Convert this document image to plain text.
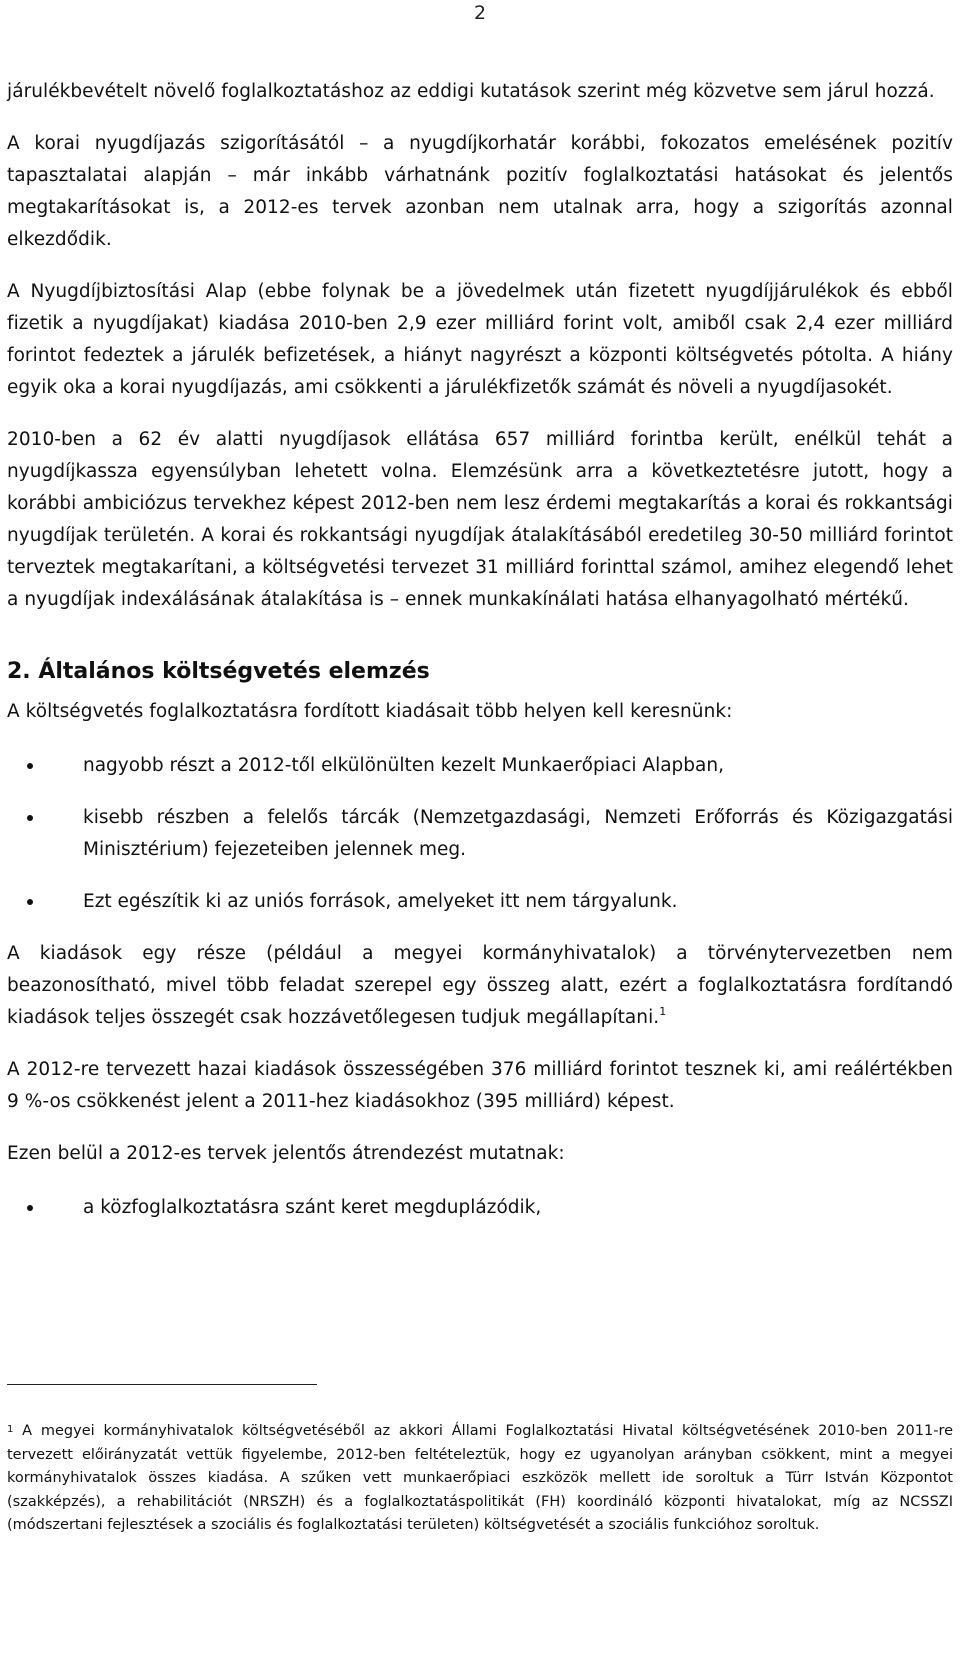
2

járulékbevételt növelő foglalkoztatáshoz az eddigi kutatások szerint még közvetve sem járul hozzá.

A korai nyugdíjazás szigorításától – a nyugdíjkorhatár korábbi, fokozatos emelésének pozitív tapasztalatai alapján – már inkább várhatnánk pozitív foglalkoztatási hatásokat és jelentős megtakarításokat is, a 2012-es tervek azonban nem utalnak arra, hogy a szigorítás azonnal elkezdődik.

A Nyugdíjbiztosítási Alap (ebbe folynak be a jövedelmek után fizetett nyugdíjjárulékok és ebből fizetik a nyugdíjakat) kiadása 2010-ben 2,9 ezer milliárd forint volt, amiből csak 2,4 ezer milliárd forintot fedeztek a járulék befizetések, a hiányt nagyrészt a központi költségvetés pótolta. A hiány egyik oka a korai nyugdíjazás, ami csökkenti a járulékfizetők számát és növeli a nyugdíjasokét.

2010-ben a 62 év alatti nyugdíjasok ellátása 657 milliárd forintba került, enélkül tehát a nyugdíjkassza egyensúlyban lehetett volna. Elemzésünk arra a következtetésre jutott, hogy a korábbi ambiciózus tervekhez képest 2012-ben nem lesz érdemi megtakarítás a korai és rokkantsági nyugdíjak területén. A korai és rokkantsági nyugdíjak átalakításából eredetileg 30-50 milliárd forintot terveztek megtakarítani, a költségvetési tervezet 31 milliárd forinttal számol, amihez elegendő lehet a nyugdíjak indexálásának átalakítása is – ennek munkakínálati hatása elhanyagolható mértékű.

2. Általános költségvetés elemzés

A költségvetés foglalkoztatásra fordított kiadásait több helyen kell keresnünk:

nagyobb részt a 2012-től elkülönülten kezelt Munkaerőpiaci Alapban,
kisebb részben a felelős tárcák (Nemzetgazdasági, Nemzeti Erőforrás és Közigazgatási Minisztérium) fejezeteiben jelennek meg.
Ezt egészítik ki az uniós források, amelyeket itt nem tárgyalunk.

A kiadások egy része (például a megyei kormányhivatalok) a törvénytervezetben nem beazonosítható, mivel több feladat szerepel egy összeg alatt, ezért a foglalkoztatásra fordítandó kiadások teljes összegét csak hozzávetőlegesen tudjuk megállapítani.$^1$

A 2012-re tervezett hazai kiadások összességében 376 milliárd forintot tesznek ki, ami reálértékben 9 %-os csökkenést jelent a 2011-hez kiadásokhoz (395 milliárd) képest.

Ezen belül a 2012-es tervek jelentős átrendezést mutatnak:

a közfoglalkoztatásra szánt keret megduplázódik,
$^1$ A megyei kormányhivatalok költségvetéséből az akkori Állami Foglalkoztatási Hivatal költségvetésének 2010-ben 2011-re tervezett előirányzatát vettük figyelembe, 2012-ben feltételeztük, hogy ez ugyanolyan arányban csökkent, mint a megyei kormányhivatalok összes kiadása. A szűken vett munkaerőpiaci eszközök mellett ide soroltuk a Türr István Központot (szakképzés), a rehabilitációt (NRSZH) és a foglalkoztatáspolitikát (FH) koordináló központi hivatalokat, míg az NCSSZI (módszertani fejlesztések a szociális és foglalkoztatási területen) költségvetését a szociális funkcióhoz soroltuk.
